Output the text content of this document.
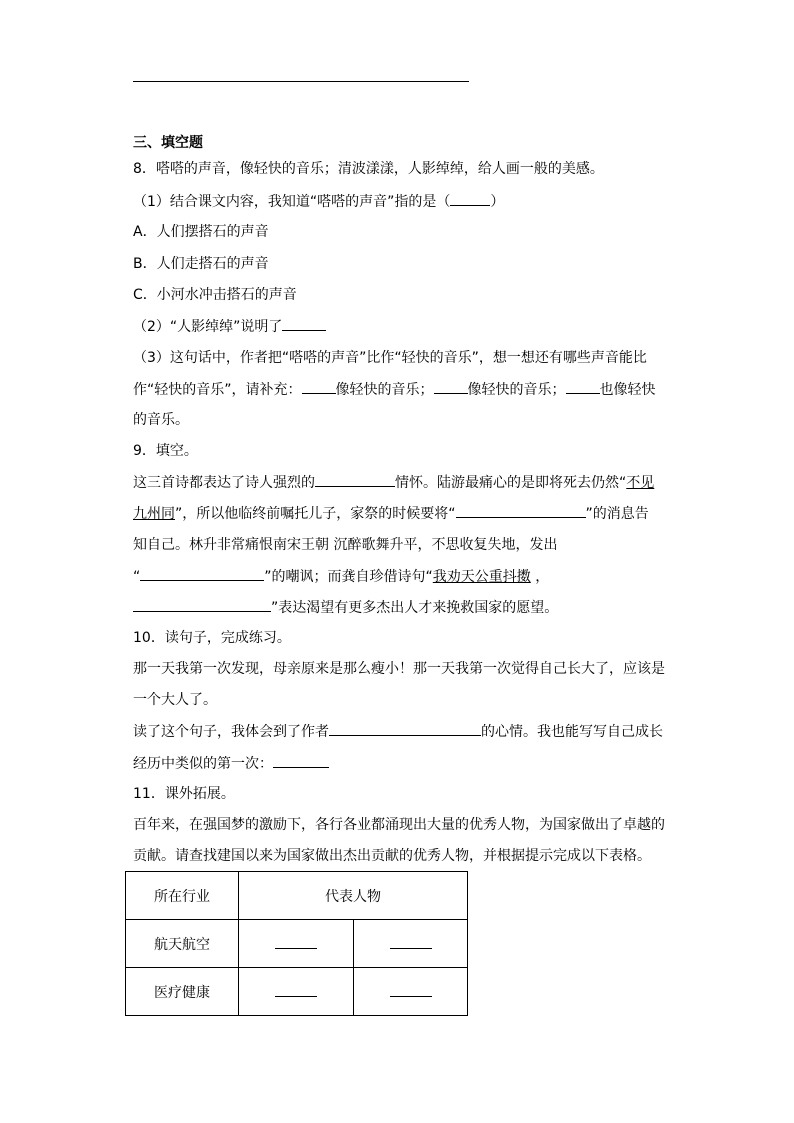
三、填空题
8．嗒嗒的声音，像轻快的音乐；清波漾漾，人影绰绰，给人画一般的美感。
（1）结合课文内容，我知道“嗒嗒的声音”指的是（	）
A．人们摆搭石的声音
B．人们走搭石的声音
C．小河水冲击搭石的声音
（2）“人影绰绰”说明了
（3）这句话中，作者把“嗒嗒的声音”比作“轻快的音乐”，想一想还有哪些声音能比
作“轻快的音乐”，请补充： 像轻快的音乐； 像轻快的音乐； 也像轻快
的音乐。
9．填空。
这三首诗都表达了诗人强烈的	情怀。陆游最痛心的是即将死去仍然“不见
九州同”，所以他临终前嘱托儿子，家祭的时候要将“	”的消息告
知自己。林升非常痛恨南宋王朝 沉醉歌舞升平，不思收复失地，发出
“	”的嘲讽；而龚自珍借诗句“我劝天公重抖擞 ，
”表达渴望有更多杰出人才来挽救国家的愿望。
10．读句子，完成练习。
那一天我第一次发现，母亲原来是那么瘦小！那一天我第一次觉得自己长大了，应该是
一个大人了。
读了这个句子，我体会到了作者	的心情。我也能写写自己成长
经历中类似的第一次：
11．课外拓展。
百年来，在强国梦的激励下，各行各业都涌现出大量的优秀人物，为国家做出了卓越的
贡献。请查找建国以来为国家做出杰出贡献的优秀人物，并根据提示完成以下表格。
所在行业	代表人物	
航天航空		
医疗健康		
